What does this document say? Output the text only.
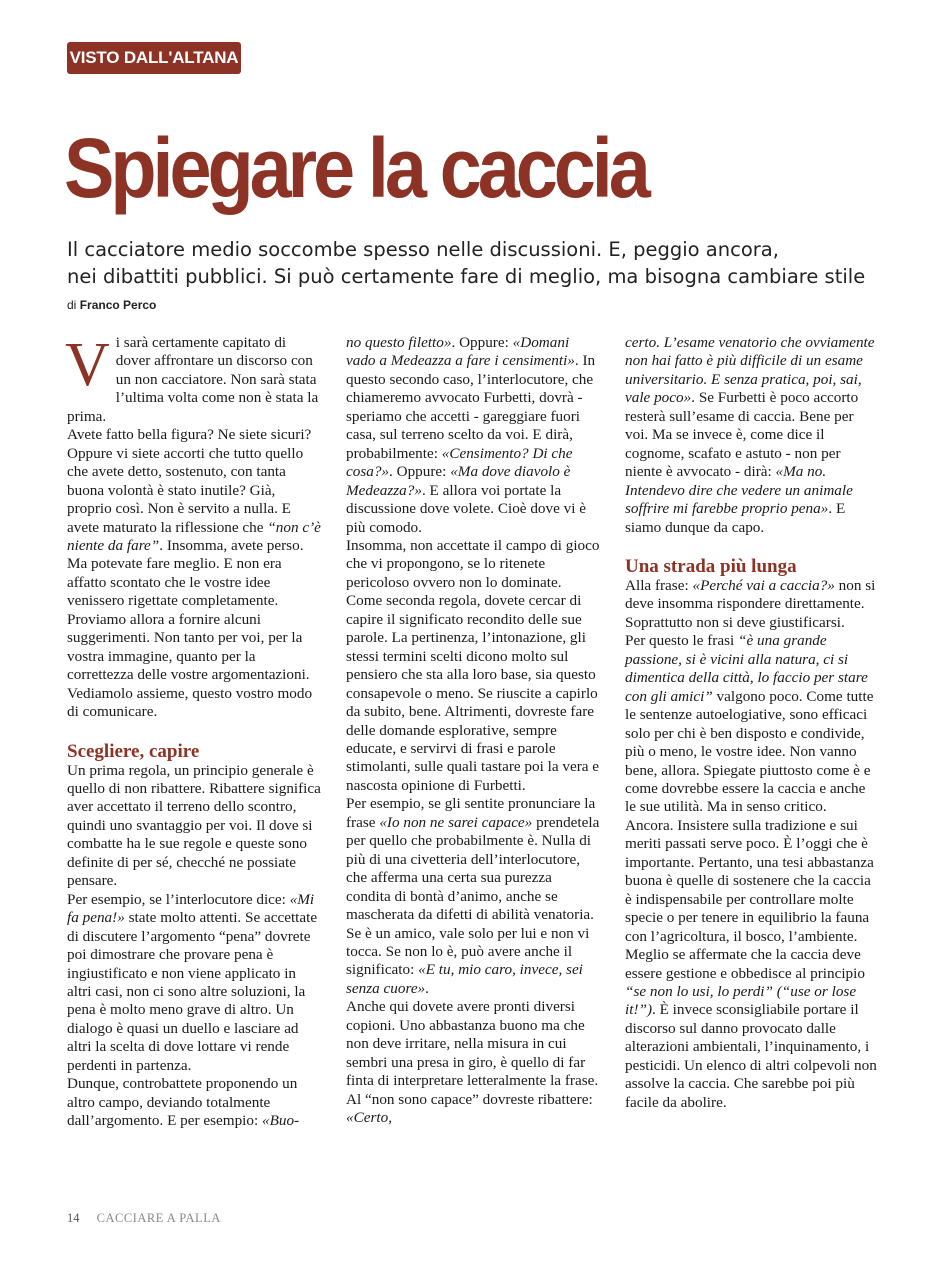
VISTO DALL'ALTANA
Spiegare la caccia
Il cacciatore medio soccombe spesso nelle discussioni. E, peggio ancora,
nei dibattiti pubblici. Si può certamente fare di meglio, ma bisogna cambiare stile
di Franco Perco

Vi sarà certamente capitato di dover affrontare un discorso con un non cacciatore. Non sarà stata l’ultima volta come non è stata la prima.

Avete fatto bella figura? Ne siete sicuri? Oppure vi siete accorti che tutto quello che avete detto, sostenuto, con tanta buona volontà è stato inutile? Già, proprio così. Non è servito a nulla. E avete maturato la riflessione che “non c’è niente da fare”. Insomma, avete perso.

Ma potevate fare meglio. E non era affatto scontato che le vostre idee venissero rigettate completamente. Proviamo allora a fornire alcuni suggerimenti. Non tanto per voi, per la vostra immagine, quanto per la correttezza delle vostre argomentazioni. Vediamolo assieme, questo vostro modo di comunicare.

Scegliere, capire

Un prima regola, un principio generale è quello di non ribattere. Ribattere significa aver accettato il terreno dello scontro, quindi uno svantaggio per voi. Il dove si combatte ha le sue regole e queste sono definite di per sé, checché ne possiate pensare.

Per esempio, se l’interlocutore dice: «Mi fa pena!» state molto attenti. Se accettate di discutere l’argomento “pena” dovrete poi dimostrare che provare pena è ingiustificato e non viene applicato in altri casi, non ci sono altre soluzioni, la pena è molto meno grave di altro. Un dialogo è quasi un duello e lasciare ad altri la scelta di dove lottare vi rende perdenti in partenza.

Dunque, controbattete proponendo un altro campo, deviando totalmente dall’argomento. E per esempio: «Buo-

no questo filetto». Oppure: «Domani vado a Medeazza a fare i censimenti». In questo secondo caso, l’interlocutore, che chiameremo avvocato Furbetti, dovrà - speriamo che accetti - gareggiare fuori casa, sul terreno scelto da voi. E dirà, probabilmente: «Censimento? Di che cosa?». Oppure: «Ma dove diavolo è Medeazza?». E allora voi portate la discussione dove volete. Cioè dove vi è più comodo.

Insomma, non accettate il campo di gioco che vi propongono, se lo ritenete pericoloso ovvero non lo dominate.

Come seconda regola, dovete cercar di capire il significato recondito delle sue parole. La pertinenza, l’intonazione, gli stessi termini scelti dicono molto sul pensiero che sta alla loro base, sia questo consapevole o meno. Se riuscite a capirlo da subito, bene. Altrimenti, dovreste fare delle domande esplorative, sempre educate, e servirvi di frasi e parole stimolanti, sulle quali tastare poi la vera e nascosta opinione di Furbetti.

Per esempio, se gli sentite pronunciare la frase «Io non ne sarei capace» prendetela per quello che probabilmente è. Nulla di più di una civetteria dell’interlocutore, che afferma una certa sua purezza condita di bontà d’animo, anche se mascherata da difetti di abilità venatoria. Se è un amico, vale solo per lui e non vi tocca. Se non lo è, può avere anche il significato: «E tu, mio caro, invece, sei senza cuore».

Anche qui dovete avere pronti diversi copioni. Uno abbastanza buono ma che non deve irritare, nella misura in cui sembri una presa in giro, è quello di far finta di interpretare letteralmente la frase. Al “non sono capace” dovreste ribattere: «Certo,

certo. L’esame venatorio che ovviamente non hai fatto è più difficile di un esame universitario. E senza pratica, poi, sai, vale poco». Se Furbetti è poco accorto resterà sull’esame di caccia. Bene per voi. Ma se invece è, come dice il cognome, scafato e astuto - non per niente è avvocato - dirà: «Ma no. Intendevo dire che vedere un animale soffrire mi farebbe proprio pena». E siamo dunque da capo.

Una strada più lunga

Alla frase: «Perché vai a caccia?» non si deve insomma rispondere direttamente. Soprattutto non si deve giustificarsi.

Per questo le frasi “è una grande passione, si è vicini alla natura, ci si dimentica della città, lo faccio per stare con gli amici” valgono poco. Come tutte le sentenze autoelogiative, sono efficaci solo per chi è ben disposto e condivide, più o meno, le vostre idee. Non vanno bene, allora. Spiegate piuttosto come è e come dovrebbe essere la caccia e anche le sue utilità. Ma in senso critico.

Ancora. Insistere sulla tradizione e sui meriti passati serve poco. È l’oggi che è importante. Pertanto, una tesi abbastanza buona è quelle di sostenere che la caccia è indispensabile per controllare molte specie o per tenere in equilibrio la fauna con l’agricoltura, il bosco, l’ambiente.

Meglio se affermate che la caccia deve essere gestione e obbedisce al principio “se non lo usi, lo perdi” (“use or lose it!”). È invece sconsigliabile portare il discorso sul danno provocato dalle alterazioni ambientali, l’inquinamento, i pesticidi. Un elenco di altri colpevoli non assolve la caccia. Che sarebbe poi più facile da abolire.

14 CACCIARE A PALLA
